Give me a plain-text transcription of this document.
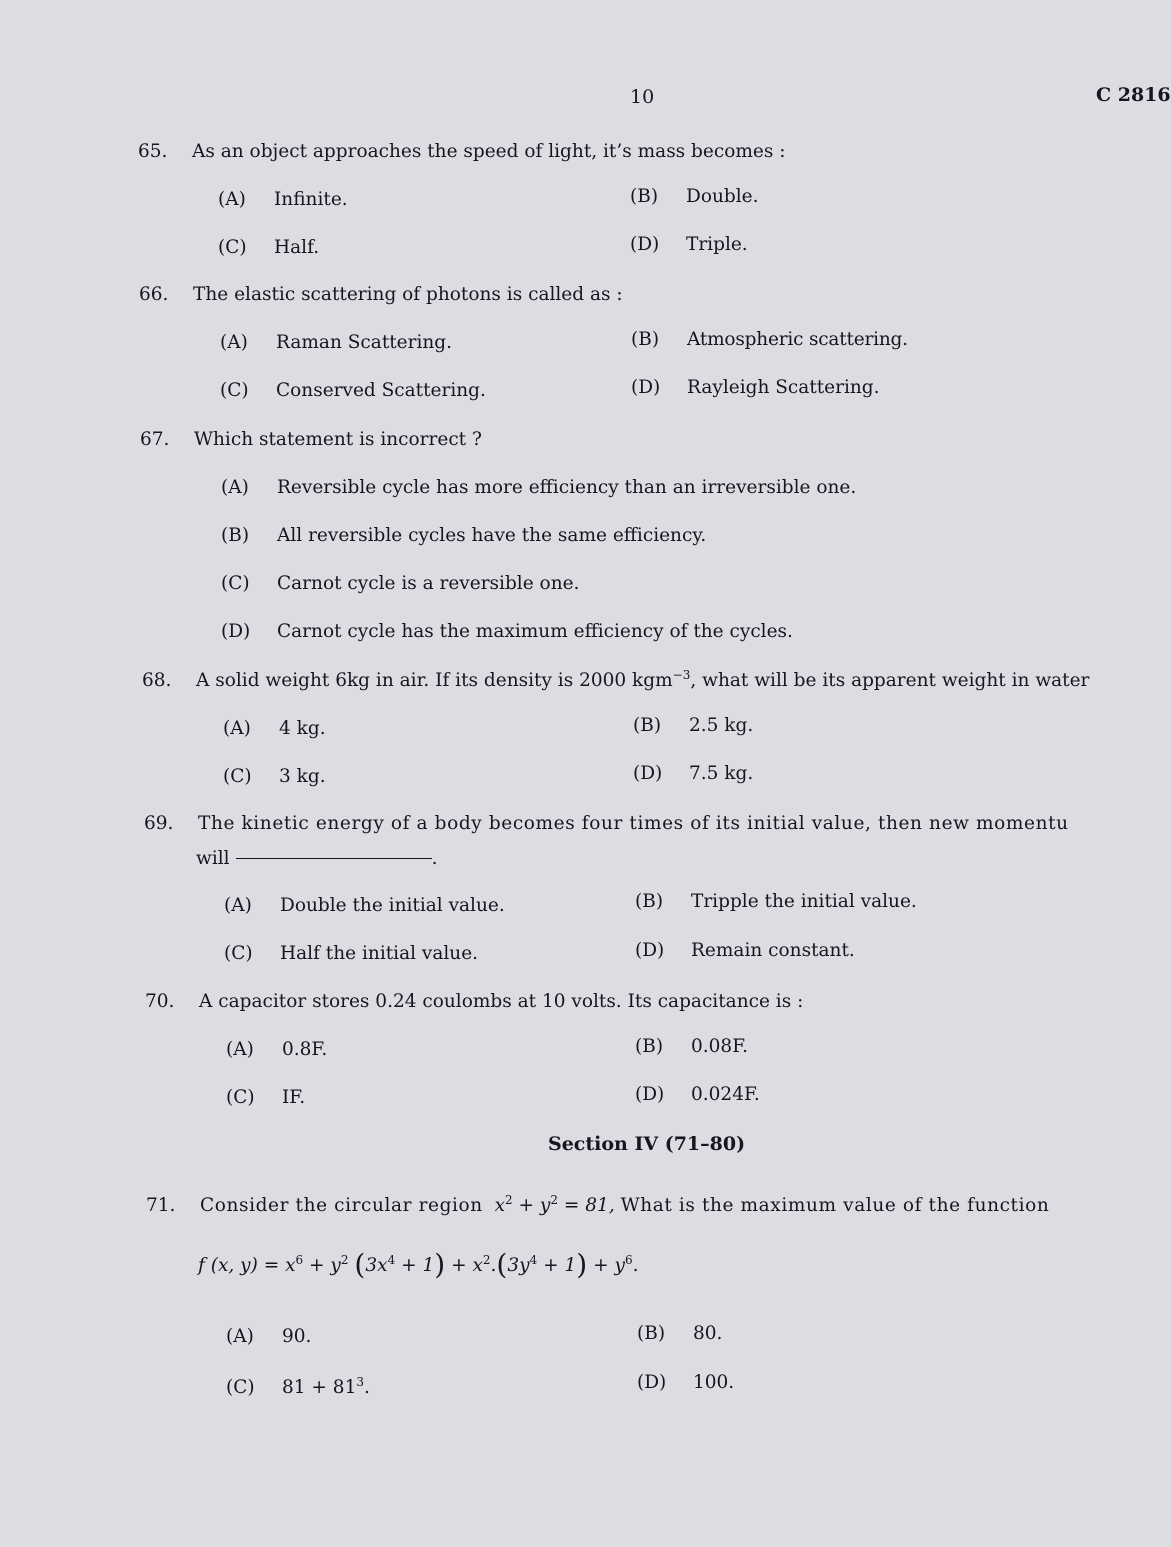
10	C 2816
65. As an object approaches the speed of light, it’s mass becomes :
(A) Infinite.	(B) Double.
(C) Half.	(D) Triple.
66. The elastic scattering of photons is called as :
(A) Raman Scattering.	(B) Atmospheric scattering.
(C) Conserved Scattering.	(D) Rayleigh Scattering.
67. Which statement is incorrect ?
(A) Reversible cycle has more efficiency than an irreversible one.
(B) All reversible cycles have the same efficiency.
(C) Carnot cycle is a reversible one.
(D) Carnot cycle has the maximum efficiency of the cycles.
68. A solid weight 6kg in air. If its density is 2000 kgm$^{-3}$, what will be its apparent weight in water
(A) 4 kg.	(B) 2.5 kg.
(C) 3 kg.	(D) 7.5 kg.
69. The kinetic energy of a body becomes four times of its initial value, then new momentu
will	.
(A) Double the initial value.	(B) Tripple the initial value.
(C) Half the initial value.	(D) Remain constant.
70. A capacitor stores 0.24 coulombs at 10 volts. Its capacitance is :
(A) 0.8F.	(B) 0.08F.
(C) IF.	(D) 0.024F.
Section IV (71–80)
71. Consider the circular region  $x^2 + y^2 = 81$, What is the maximum value of the function
f (x, $y) = x^6 + y^2$ $(3x^4 + 1) + x^2.(3y^4 + 1) + y^6$.
(A) 90.	(B) 80.
(C) $81 + 81^3$.	(D) 100.
